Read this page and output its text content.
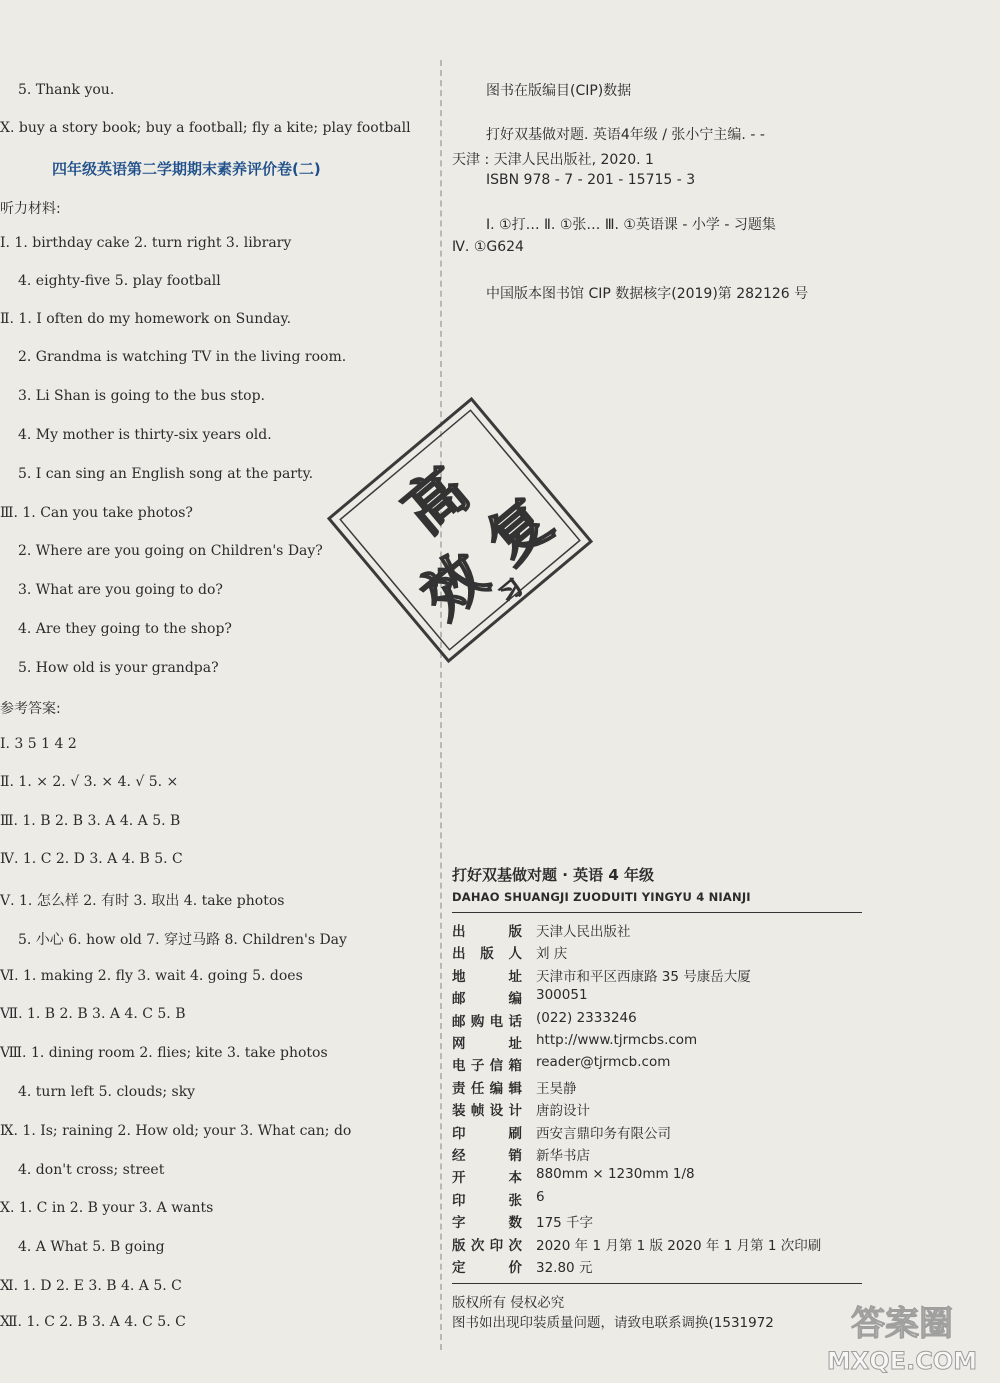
5. Thank you.
X. buy a story book; buy a football; fly a kite; play football
Ⅰ. 1. birthday cake 2. turn right 3. library
4. eighty-five 5. play football
Ⅱ. 1. I often do my homework on Sunday.
2. Grandma is watching TV in the living room.
3. Li Shan is going to the bus stop.
4. My mother is thirty-six years old.
5. I can sing an English song at the party.
Ⅲ. 1. Can you take photos?
2. Where are you going on Children's Day?
3. What are you going to do?
4. Are they going to the shop?
5. How old is your grandpa?
Ⅰ. 3 5 1 4 2
Ⅱ. 1. × 2. √ 3. × 4. √ 5. ×
Ⅲ. 1. B 2. B 3. A 4. A 5. B
Ⅳ. 1. C 2. D 3. A 4. B 5. C
Ⅴ. 1. 怎么样 2. 有时 3. 取出 4. take photos
5. 小心 6. how old 7. 穿过马路 8. Children's Day
Ⅵ. 1. making 2. fly 3. wait 4. going 5. does
Ⅶ. 1. B 2. B 3. A 4. C 5. B
Ⅷ. 1. dining room 2. flies; kite 3. take photos
4. turn left 5. clouds; sky
Ⅸ. 1. Is; raining 2. How old; your 3. What can; do
4. don't cross; street
Ⅹ. 1. C in 2. B your 3. A wants
4. A What 5. B going
Ⅺ. 1. D 2. E 3. B 4. A 5. C
Ⅻ. 1. C 2. B 3. A 4. C 5. C
四年级英语第二学期期末素养评价卷(二)
听力材料:
参考答案:
图书在版编目(CIP)数据
打好双基做对题. 英语4年级 / 张小宁主编. - -
天津 : 天津人民出版社, 2020. 1
ISBN 978 - 7 - 201 - 15715 - 3
Ⅰ. ①打… Ⅱ. ①张… Ⅲ. ①英语课 - 小学 - 习题集
Ⅳ. ①G624
中国版本图书馆 CIP 数据核字(2019)第 282126 号
打好双基做对题 · 英语 4 年级
DAHAO SHUANGJI ZUODUITI YINGYU 4 NIANJI
出版 天津人民出版社
出版人 刘 庆
地址 天津市和平区西康路 35 号康岳大厦
邮编 300051
邮购电话 (022) 2333246
网址 http://www.tjrmcbs.com
电子信箱 reader@tjrmcb.com
责任编辑 王昊静
装帧设计 唐韵设计
印刷 西安言鼎印务有限公司
经销 新华书店
开本 880mm × 1230mm 1/8
印张 6
字数 175 千字
版次印次 2020 年 1 月第 1 版 2020 年 1 月第 1 次印刷
定价 32.80 元
版权所有 侵权必究
图书如出现印装质量问题，请致电联系调换(1531972
高
效
复
习
答案圈
MXQE.COM
